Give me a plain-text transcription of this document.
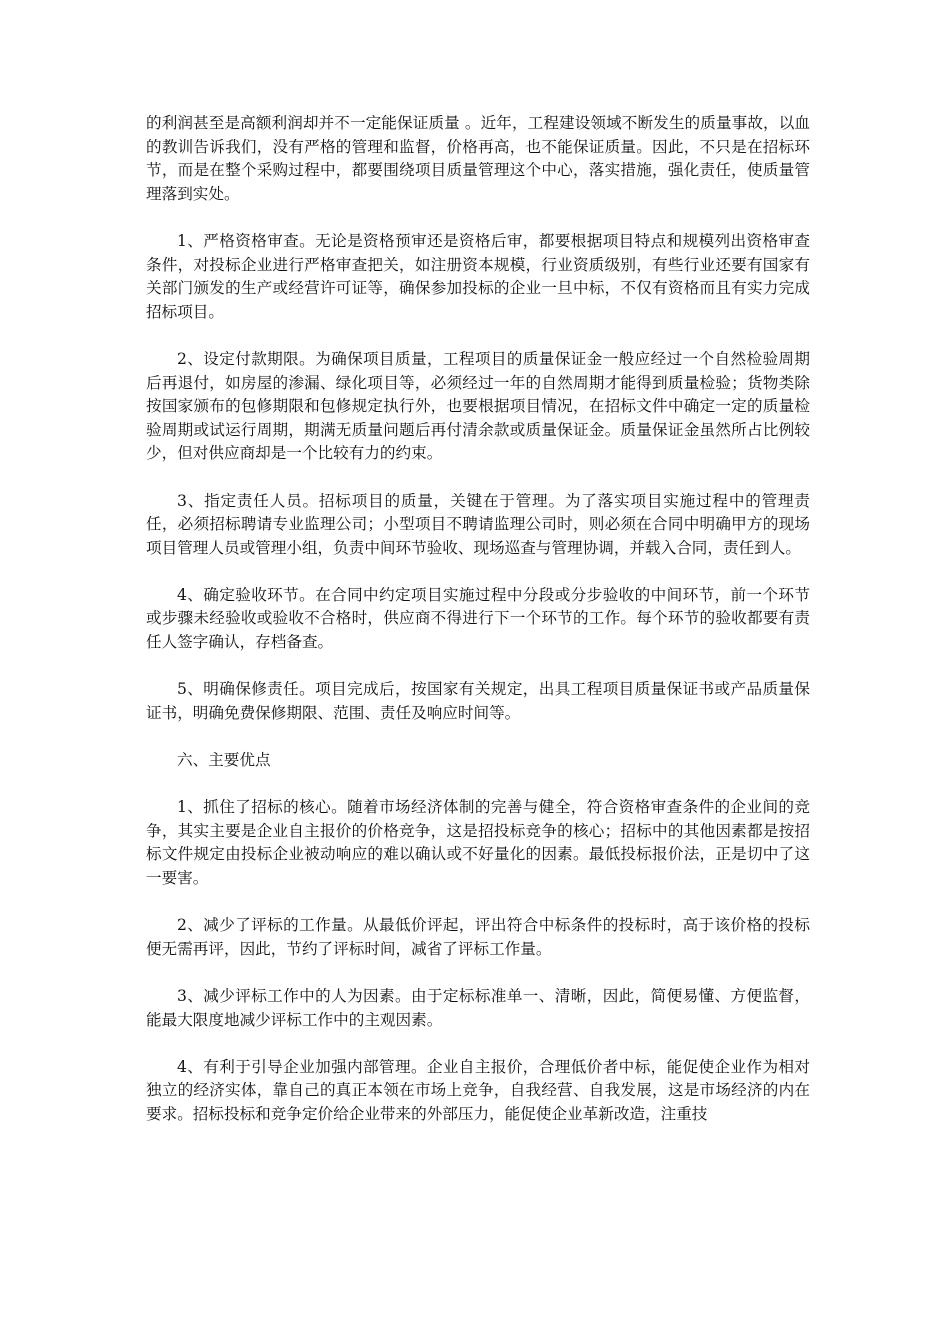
的利润甚至是高额利润却并不一定能保证质量 。近年，工程建设领域不断发生的质量事故，以血的教训告诉我们，没有严格的管理和监督，价格再高，也不能保证质量。因此，不只是在招标环节，而是在整个采购过程中，都要围绕项目质量管理这个中心，落实措施，强化责任，使质量管理落到实处。

1、严格资格审查。无论是资格预审还是资格后审，都要根据项目特点和规模列出资格审查条件，对投标企业进行严格审查把关，如注册资本规模，行业资质级别，有些行业还要有国家有关部门颁发的生产或经营许可证等，确保参加投标的企业一旦中标，不仅有资格而且有实力完成招标项目。

2、设定付款期限。为确保项目质量，工程项目的质量保证金一般应经过一个自然检验周期后再退付，如房屋的渗漏、绿化项目等，必须经过一年的自然周期才能得到质量检验；货物类除按国家颁布的包修期限和包修规定执行外，也要根据项目情况，在招标文件中确定一定的质量检验周期或试运行周期，期满无质量问题后再付清余款或质量保证金。质量保证金虽然所占比例较少，但对供应商却是一个比较有力的约束。

3、指定责任人员。招标项目的质量，关键在于管理。为了落实项目实施过程中的管理责任，必须招标聘请专业监理公司；小型项目不聘请监理公司时，则必须在合同中明确甲方的现场项目管理人员或管理小组，负责中间环节验收、现场巡查与管理协调，并载入合同，责任到人。

4、确定验收环节。在合同中约定项目实施过程中分段或分步验收的中间环节，前一个环节或步骤未经验收或验收不合格时，供应商不得进行下一个环节的工作。每个环节的验收都要有责任人签字确认，存档备查。

5、明确保修责任。项目完成后，按国家有关规定，出具工程项目质量保证书或产品质量保证书，明确免费保修期限、范围、责任及响应时间等。

六、主要优点

1、抓住了招标的核心。随着市场经济体制的完善与健全，符合资格审查条件的企业间的竞争，其实主要是企业自主报价的价格竞争，这是招投标竞争的核心；招标中的其他因素都是按招标文件规定由投标企业被动响应的难以确认或不好量化的因素。最低投标报价法，正是切中了这一要害。

2、减少了评标的工作量。从最低价评起，评出符合中标条件的投标时，高于该价格的投标便无需再评，因此，节约了评标时间，减省了评标工作量。

3、减少评标工作中的人为因素。由于定标标准单一、清晰，因此，简便易懂、方便监督，能最大限度地减少评标工作中的主观因素。

4、有利于引导企业加强内部管理。企业自主报价，合理低价者中标，能促使企业作为相对独立的经济实体，靠自己的真正本领在市场上竞争，自我经营、自我发展，这是市场经济的内在要求。招标投标和竞争定价给企业带来的外部压力，能促使企业革新改造，注重技
